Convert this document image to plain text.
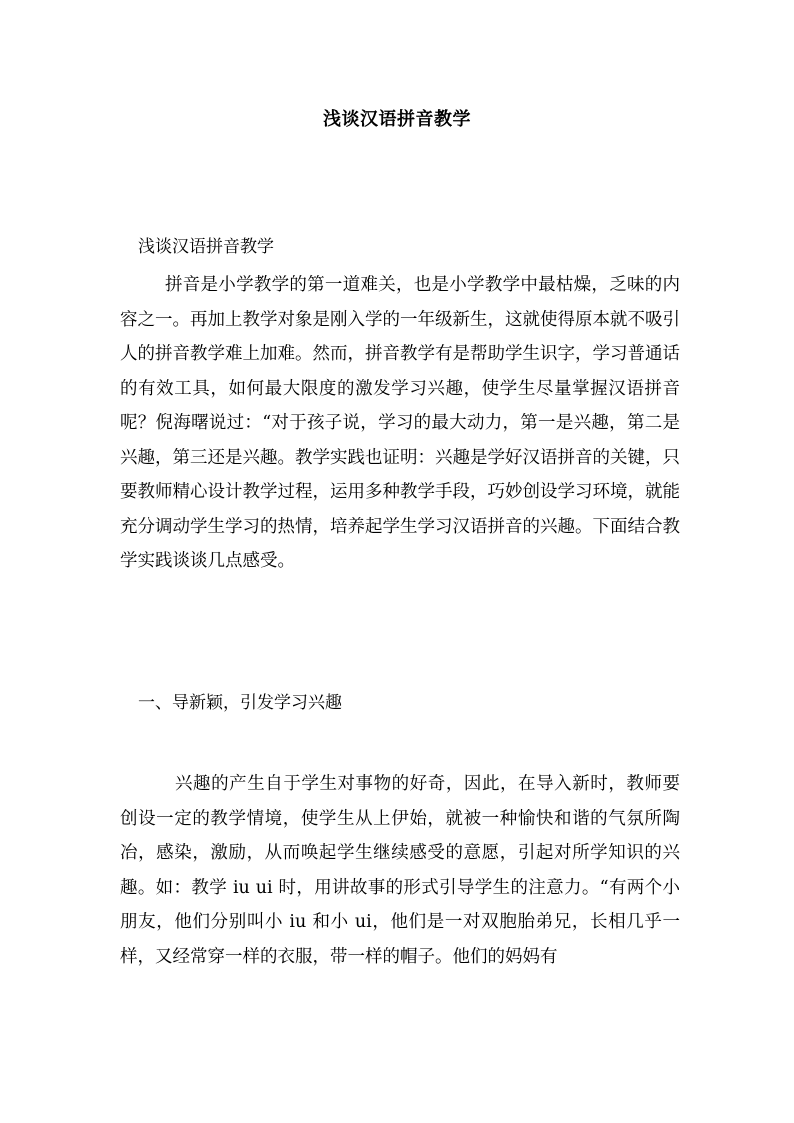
浅谈汉语拼音教学
浅谈汉语拼音教学

拼音是小学教学的第一道难关，也是小学教学中最枯燥，乏味的内容之一。再加上教学对象是刚入学的一年级新生，这就使得原本就不吸引人的拼音教学难上加难。然而，拼音教学有是帮助学生识字，学习普通话的有效工具，如何最大限度的激发学习兴趣，使学生尽量掌握汉语拼音呢？倪海曙说过：“对于孩子说，学习的最大动力，第一是兴趣，第二是兴趣，第三还是兴趣。教学实践也证明：兴趣是学好汉语拼音的关键，只要教师精心设计教学过程，运用多种教学手段，巧妙创设学习环境，就能充分调动学生学习的热情，培养起学生学习汉语拼音的兴趣。下面结合教学实践谈谈几点感受。

一、导新颖，引发学习兴趣

兴趣的产生自于学生对事物的好奇，因此，在导入新时，教师要创设一定的教学情境，使学生从上伊始，就被一种愉快和谐的气氛所陶冶，感染，激励，从而唤起学生继续感受的意愿，引起对所学知识的兴趣。如：教学 iu ui 时，用讲故事的形式引导学生的注意力。“有两个小朋友，他们分别叫小 iu 和小 ui，他们是一对双胞胎弟兄，长相几乎一样，又经常穿一样的衣服，带一样的帽子。他们的妈妈有
